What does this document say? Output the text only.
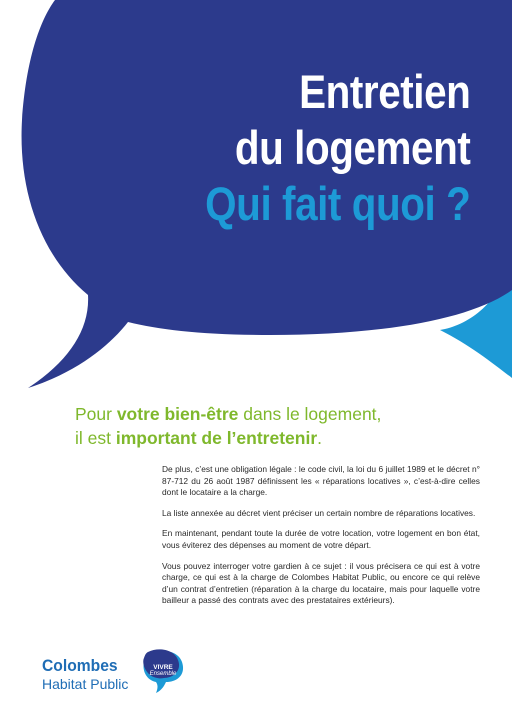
Entretien
du logement
Qui fait quoi ?
Pour votre bien-être dans le logement,
il est important de l’entretenir.

De plus, c’est une obligation légale : le code civil, la loi du 6 juillet 1989 et le décret n° 87-712 du 26 août 1987 définissent les « réparations locatives », c’est-à-dire celles dont le locataire a la charge.

La liste annexée au décret vient préciser un certain nombre de réparations locatives.

En maintenant, pendant toute la durée de votre location, votre logement en bon état, vous éviterez des dépenses au moment de votre départ.

Vous pouvez interroger votre gardien à ce sujet : il vous précisera ce qui est à votre charge, ce qui est à la charge de Colombes Habitat Public, ou encore ce qui relève d’un contrat d’entretien (réparation à la charge du locataire, mais pour laquelle votre bailleur a passé des contrats avec des prestataires extérieurs).

Colombes
Habitat Public
VIVRE
Ensemble
